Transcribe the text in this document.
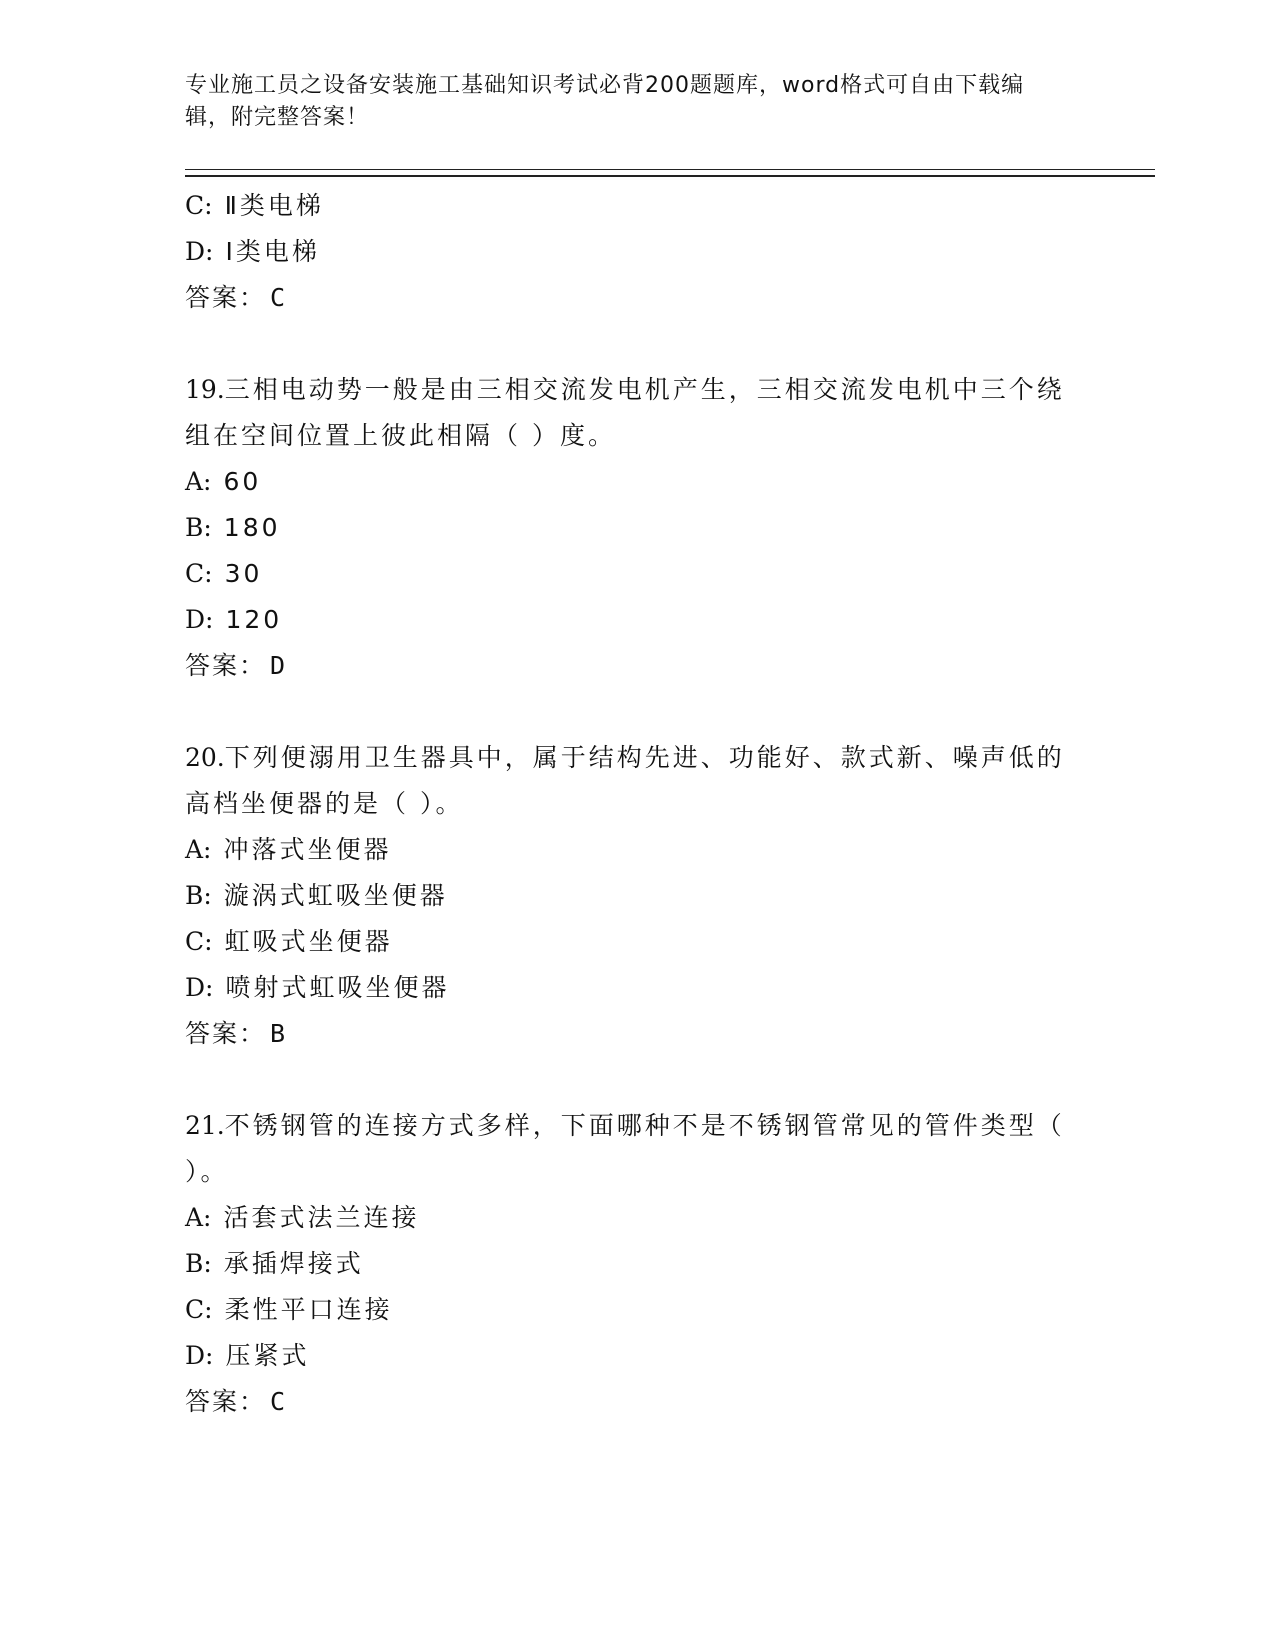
专业施工员之设备安装施工基础知识考试必背200题题库，word格式可自由下载编辑，附完整答案！
C: Ⅱ类电梯
D: Ⅰ类电梯
答案： C
19.三相电动势一般是由三相交流发电机产生，三相交流发电机中三个绕组在空间位置上彼此相隔（ ）度。
A: 60
B: 180
C: 30
D: 120
答案： D
20.下列便溺用卫生器具中，属于结构先进、功能好、款式新、噪声低的高档坐便器的是（ ）。
A: 冲落式坐便器
B: 漩涡式虹吸坐便器
C: 虹吸式坐便器
D: 喷射式虹吸坐便器
答案： B
21.不锈钢管的连接方式多样，下面哪种不是不锈钢管常见的管件类型（ ）。
A: 活套式法兰连接
B: 承插焊接式
C: 柔性平口连接
D: 压紧式
答案： C
